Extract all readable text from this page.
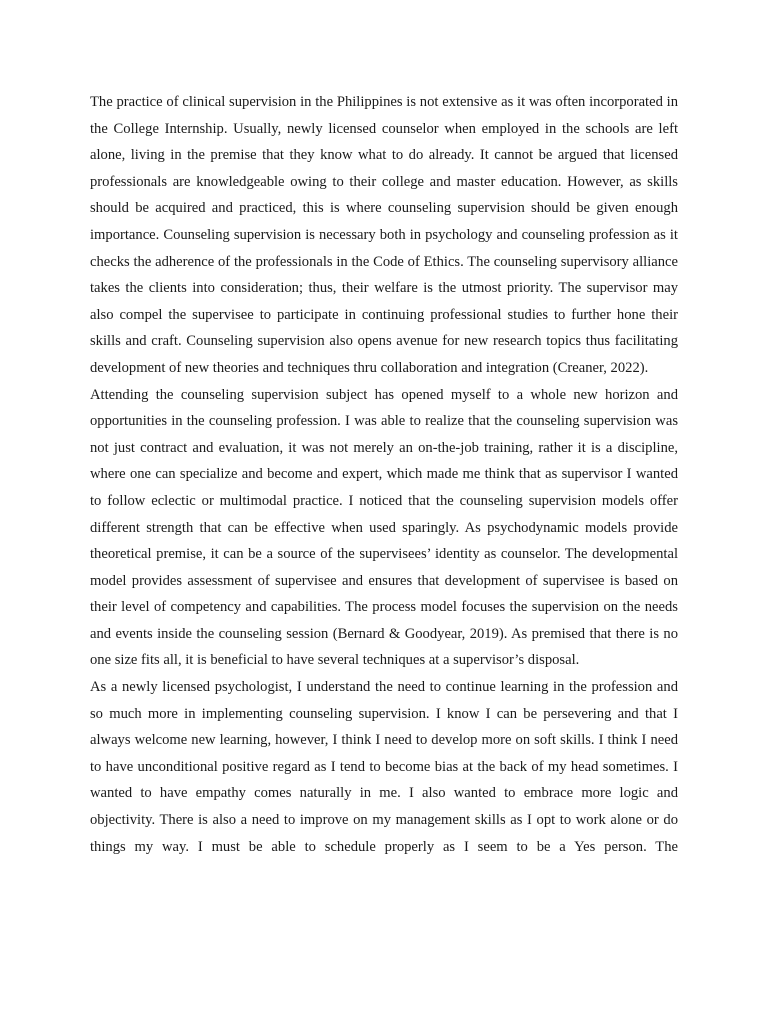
The practice of clinical supervision in the Philippines is not extensive as it was often incorporated in the College Internship. Usually, newly licensed counselor when employed in the schools are left alone, living in the premise that they know what to do already. It cannot be argued that licensed professionals are knowledgeable owing to their college and master education. However, as skills should be acquired and practiced, this is where counseling supervision should be given enough importance. Counseling supervision is necessary both in psychology and counseling profession as it checks the adherence of the professionals in the Code of Ethics. The counseling supervisory alliance takes the clients into consideration; thus, their welfare is the utmost priority. The supervisor may also compel the supervisee to participate in continuing professional studies to further hone their skills and craft. Counseling supervision also opens avenue for new research topics thus facilitating development of new theories and techniques thru collaboration and integration (Creaner, 2022).

Attending the counseling supervision subject has opened myself to a whole new horizon and opportunities in the counseling profession. I was able to realize that the counseling supervision was not just contract and evaluation, it was not merely an on-the-job training, rather it is a discipline, where one can specialize and become and expert, which made me think that as supervisor I wanted to follow eclectic or multimodal practice. I noticed that the counseling supervision models offer different strength that can be effective when used sparingly. As psychodynamic models provide theoretical premise, it can be a source of the supervisees’ identity as counselor. The developmental model provides assessment of supervisee and ensures that development of supervisee is based on their level of competency and capabilities. The process model focuses the supervision on the needs and events inside the counseling session (Bernard & Goodyear, 2019). As premised that there is no one size fits all, it is beneficial to have several techniques at a supervisor’s disposal.

As a newly licensed psychologist, I understand the need to continue learning in the profession and so much more in implementing counseling supervision. I know I can be persevering and that I always welcome new learning, however, I think I need to develop more on soft skills. I think I need to have unconditional positive regard as I tend to become bias at the back of my head sometimes. I wanted to have empathy comes naturally in me. I also wanted to embrace more logic and objectivity. There is also a need to improve on my management skills as I opt to work alone or do things my way. I must be able to schedule properly as I seem to be a Yes person. The
